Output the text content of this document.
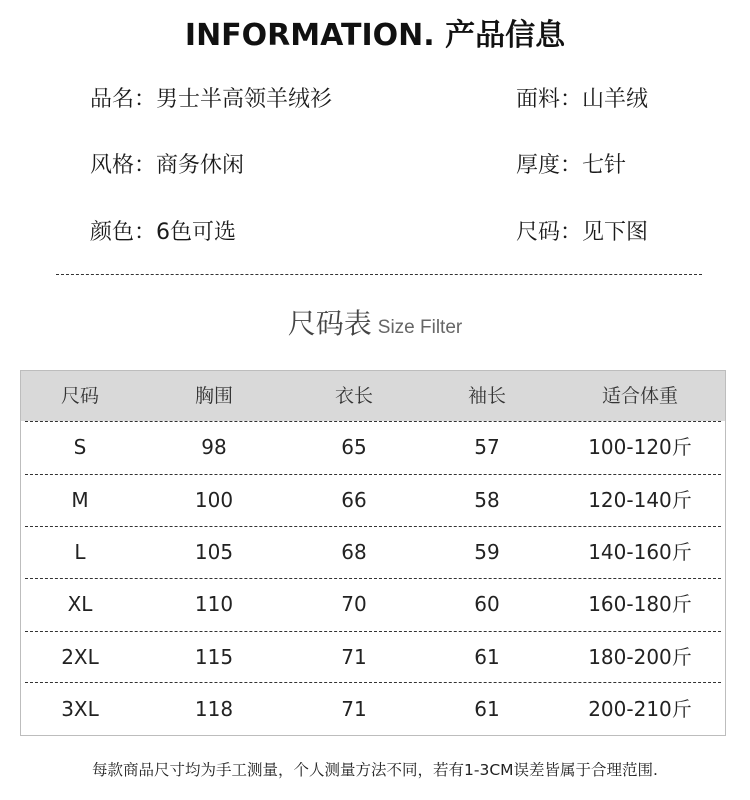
INFORMATION. 产品信息
品名：男士半高领羊绒衫	面料：山羊绒
风格：商务休闲	厚度：七针
颜色：6色可选	尺码：见下图
尺码表 Size Filter
尺码	胸围	衣长	袖长	适合体重
S	98	65	57	100-120斤
M	100	66	58	120-140斤
L	105	68	59	140-160斤
XL	110	70	60	160-180斤
2XL	115	71	61	180-200斤
3XL	118	71	61	200-210斤
每款商品尺寸均为手工测量，个人测量方法不同，若有1-3CM误差皆属于合理范围.
